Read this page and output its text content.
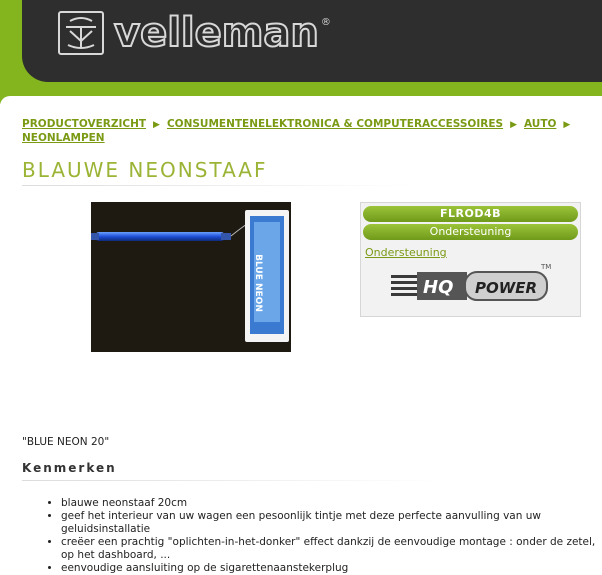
velleman ®
PRODUCTOVERZICHT ▶ CONSUMENTENELEKTRONICA & COMPUTERACCESSOIRES ▶ AUTO ▶
NEONLAMPEN
BLAUWE NEONSTAAF
BLUE NEON
FLROD4B
Ondersteuning
Ondersteuning
HQ POWER
TM
"BLUE NEON 20"
Kenmerken
• blauwe neonstaaf 20cm
• geef het interieur van uw wagen een pesoonlijk tintje met deze perfecte aanvulling van uw geluidsinstallatie
• creëer een prachtig "oplichten-in-het-donker" effect dankzij de eenvoudige montage : onder de zetel, op het dashboard, ...
• eenvoudige aansluiting op de sigarettenaanstekerplug
